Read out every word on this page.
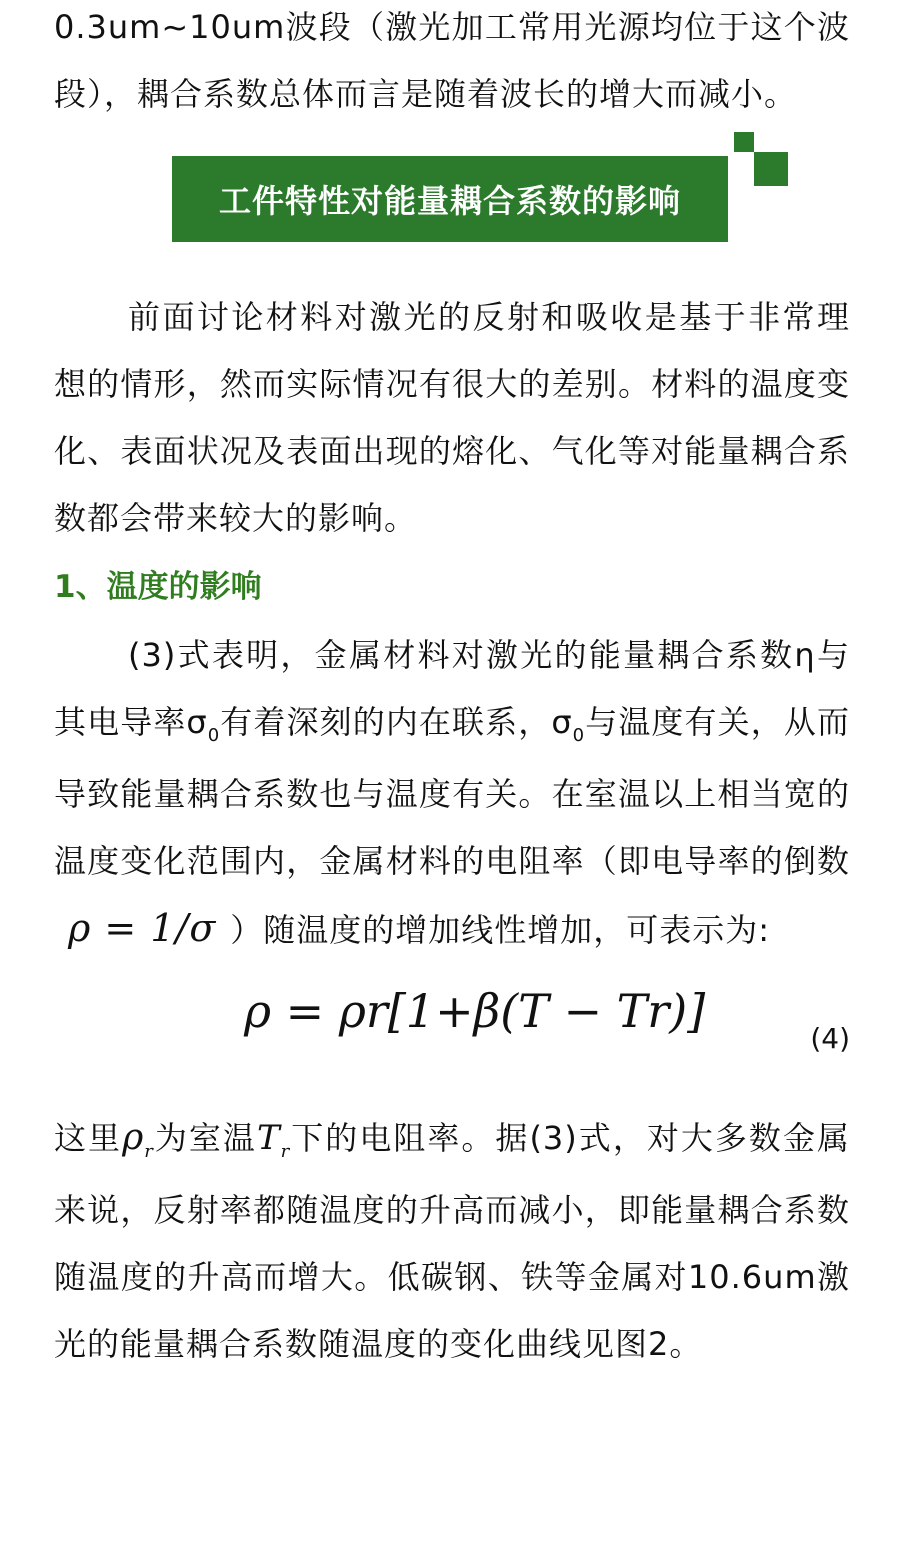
0.3um~10um波段（激光加工常用光源均位于这个波段），耦合系数总体而言是随着波长的增大而减小。

工件特性对能量耦合系数的影响

前面讨论材料对激光的反射和吸收是基于非常理想的情形，然而实际情况有很大的差别。材料的温度变化、表面状况及表面出现的熔化、气化等对能量耦合系数都会带来较大的影响。

1、温度的影响

(3)式表明，金属材料对激光的能量耦合系数η与其电导率$\sigma_0$有着深刻的内在联系，$\sigma_0$与温度有关，从而导致能量耦合系数也与温度有关。在室温以上相当宽的温度变化范围内，金属材料的电阻率（即电导率的倒数ρ = 1/σ ）随温度的增加线性增加，可表示为:

ρ = ρr[1+β(T − Tr)]
(4)

这里$\rho_r$为室温$T_r$下的电阻率。据(3)式，对大多数金属来说，反射率都随温度的升高而减小，即能量耦合系数随温度的升高而增大。低碳钢、铁等金属对10.6um激光的能量耦合系数随温度的变化曲线见图2。
